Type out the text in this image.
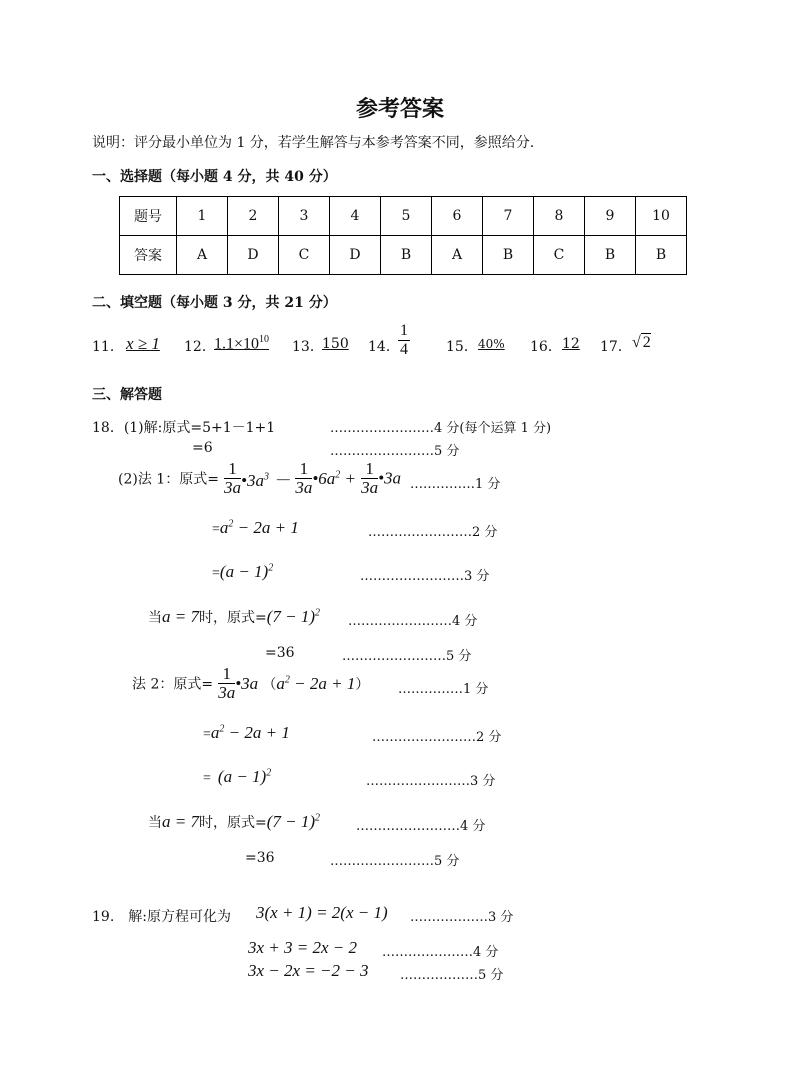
参考答案
说明：评分最小单位为 1 分，若学生解答与本参考答案不同，参照给分.
一、选择题（每小题 4 分，共 40 分）
题号	1	2	3	4	5	6	7	8	9	10
答案	A	D	C	D	B	A	B	C	B	B
二、填空题（每小题 3 分，共 21 分）
11． x ≥ 1 12．
$1.1\times 10^{10}$ 13．
150 14．
$\frac{1}{4}$	15． 40% 16． 12 17． √ 2
三、解答题
18．(1)解:原式=5+1－1+1	……………………4 分(每个运算 1 分)
=6	……………………5 分
(2)法 1：原式= $\frac{1}{3a}$ $•3a^3 - \frac{1}{3a}$ $•6a^2 + \frac{1}{3a}$ •3a ……………1 分
$=a^2 - 2a + 1$	……………………2 分
$=(a - 1)^2$
……………………3 分
当a = 7时，原式$=(7 - 1)^2$
……………………4 分
=36	……………………5 分
法 2：原式= $\frac{1}{3a}$ •3a $(a^2 - 2a + 1)$ ……………1 分
$=a^2 - 2a + 1$	……………………2 分
=  $(a - 1)^2$
……………………3 分
当a = 7时，原式$=(7 - 1)^2$
……………………4 分
=36	……………………5 分
19.　解:原方程可化为 3(x + 1) = 2(x − 1) ………………3 分
3x + 3 = 2x − 2 …………………4 分
3x − 2x = −2 − 3 ………………5 分
